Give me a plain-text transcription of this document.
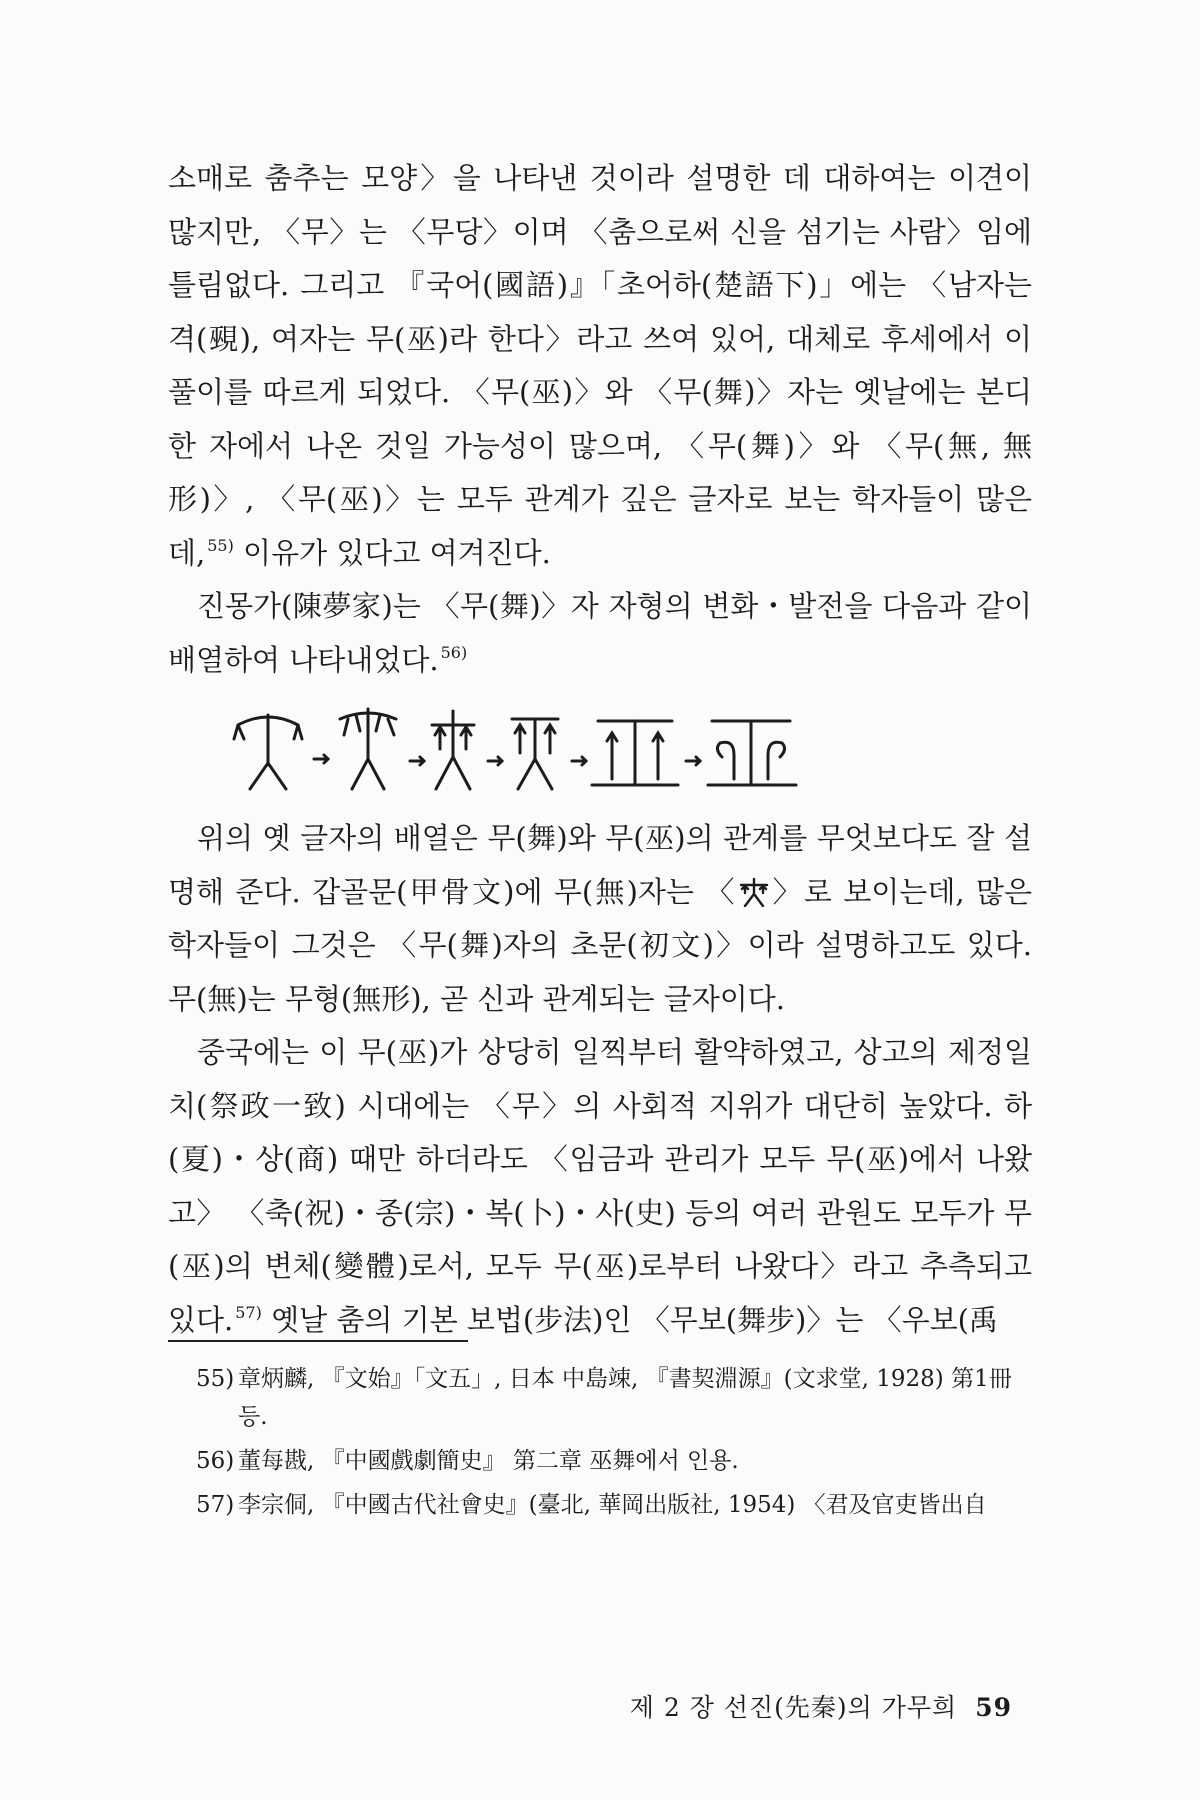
소매로 춤추는 모양〉을 나타낸 것이라 설명한 데 대하여는 이견이 많지만, 〈무〉는 〈무당〉이며 〈춤으로써 신을 섬기는 사람〉임에 틀림없다. 그리고 『국어(國語)』「초어하(楚語下)」에는 〈남자는 격(覡), 여자는 무(巫)라 한다〉라고 쓰여 있어, 대체로 후세에서 이 풀이를 따르게 되었다. 〈무(巫)〉와 〈무(舞)〉자는 옛날에는 본디 한 자에서 나온 것일 가능성이 많으며, 〈무(舞)〉와 〈무(無, 無形)〉, 〈무(巫)〉는 모두 관계가 깊은 글자로 보는 학자들이 많은데, $^{55)}$ 이유가 있다고 여겨진다.

진몽가(陳夢家)는 〈무(舞)〉자 자형의 변화・발전을 다음과 같이 배열하여 나타내었다. $^{56)}$

위의 옛 글자의 배열은 무(舞)와 무(巫)의 관계를 무엇보다도 잘 설명해 준다. 갑골문(甲骨文)에 무(無)자는 〈 〉로 보이는데, 많은 학자들이 그것은 〈무(舞)자의 초문(初文)〉이라 설명하고도 있다. 무(無)는 무형(無形), 곧 신과 관계되는 글자이다.

중국에는 이 무(巫)가 상당히 일찍부터 활약하였고, 상고의 제정일치(祭政一致) 시대에는 〈무〉의 사회적 지위가 대단히 높았다. 하(夏)・상(商) 때만 하더라도 〈임금과 관리가 모두 무(巫)에서 나왔고〉 〈축(祝)・종(宗)・복(卜)・사(史) 등의 여러 관원도 모두가 무(巫)의 변체(變體)로서, 모두 무(巫)로부터 나왔다〉라고 추측되고 있다. $^{57)}$ 옛날 춤의 기본 보법(步法)인 〈무보(舞步)〉는 〈우보(禹

55) 章炳麟, 『文始』「文五」, 日本 中島竦, 『書契淵源』(文求堂, 1928) 第1冊 등.

56) 董每戡, 『中國戲劇簡史』 第二章 巫舞에서 인용.

57) 李宗侗, 『中國古代社會史』(臺北, 華岡出版社, 1954) 〈君及官吏皆出自

제 2 장 선진(先秦)의 가무희 59
